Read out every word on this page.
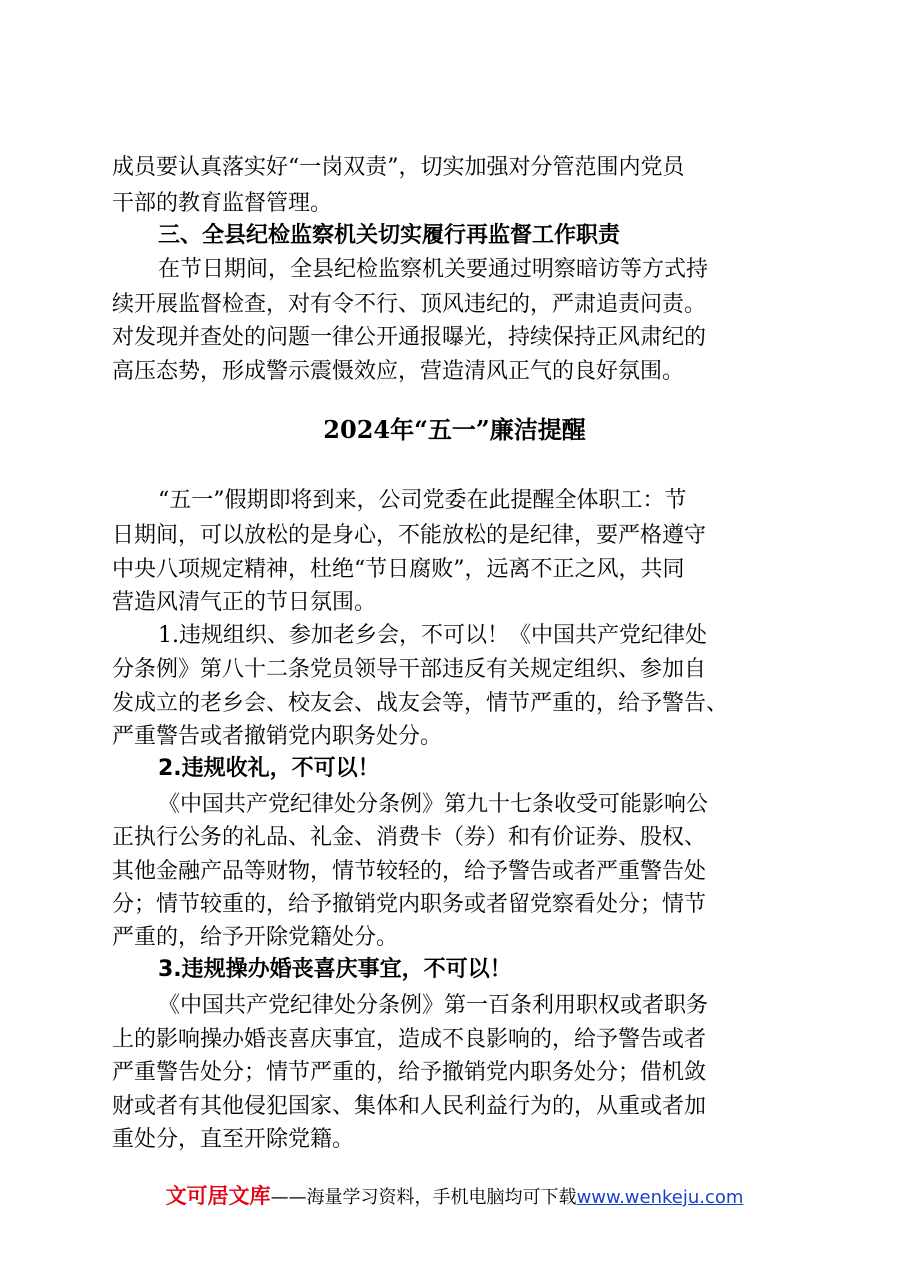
成员要认真落实好“一岗双责”，切实加强对分管范围内党员
干部的教育监督管理。
三、全县纪检监察机关切实履行再监督工作职责
在节日期间，全县纪检监察机关要通过明察暗访等方式持
续开展监督检查，对有令不行、顶风违纪的，严肃追责问责。
对发现并查处的问题一律公开通报曝光，持续保持正风肃纪的
高压态势，形成警示震慑效应，营造清风正气的良好氛围。
2024年“五一”廉洁提醒
“五一”假期即将到来，公司党委在此提醒全体职工：节
日期间，可以放松的是身心，不能放松的是纪律，要严格遵守
中央八项规定精神，杜绝“节日腐败”，远离不正之风，共同
营造风清气正的节日氛围。
1.违规组织、参加老乡会，不可以！《中国共产党纪律处
分条例》第八十二条党员领导干部违反有关规定组织、参加自
发成立的老乡会、校友会、战友会等，情节严重的，给予警告、
严重警告或者撤销党内职务处分。
2.违规收礼，不可以！
《中国共产党纪律处分条例》第九十七条收受可能影响公
正执行公务的礼品、礼金、消费卡（券）和有价证券、股权、
其他金融产品等财物，情节较轻的，给予警告或者严重警告处
分；情节较重的，给予撤销党内职务或者留党察看处分；情节
严重的，给予开除党籍处分。
3.违规操办婚丧喜庆事宜，不可以！
《中国共产党纪律处分条例》第一百条利用职权或者职务
上的影响操办婚丧喜庆事宜，造成不良影响的，给予警告或者
严重警告处分；情节严重的，给予撤销党内职务处分；借机敛
财或者有其他侵犯国家、集体和人民利益行为的，从重或者加
重处分，直至开除党籍。
文可居文库——海量学习资料，手机电脑均可下载www.wenkeju.com
